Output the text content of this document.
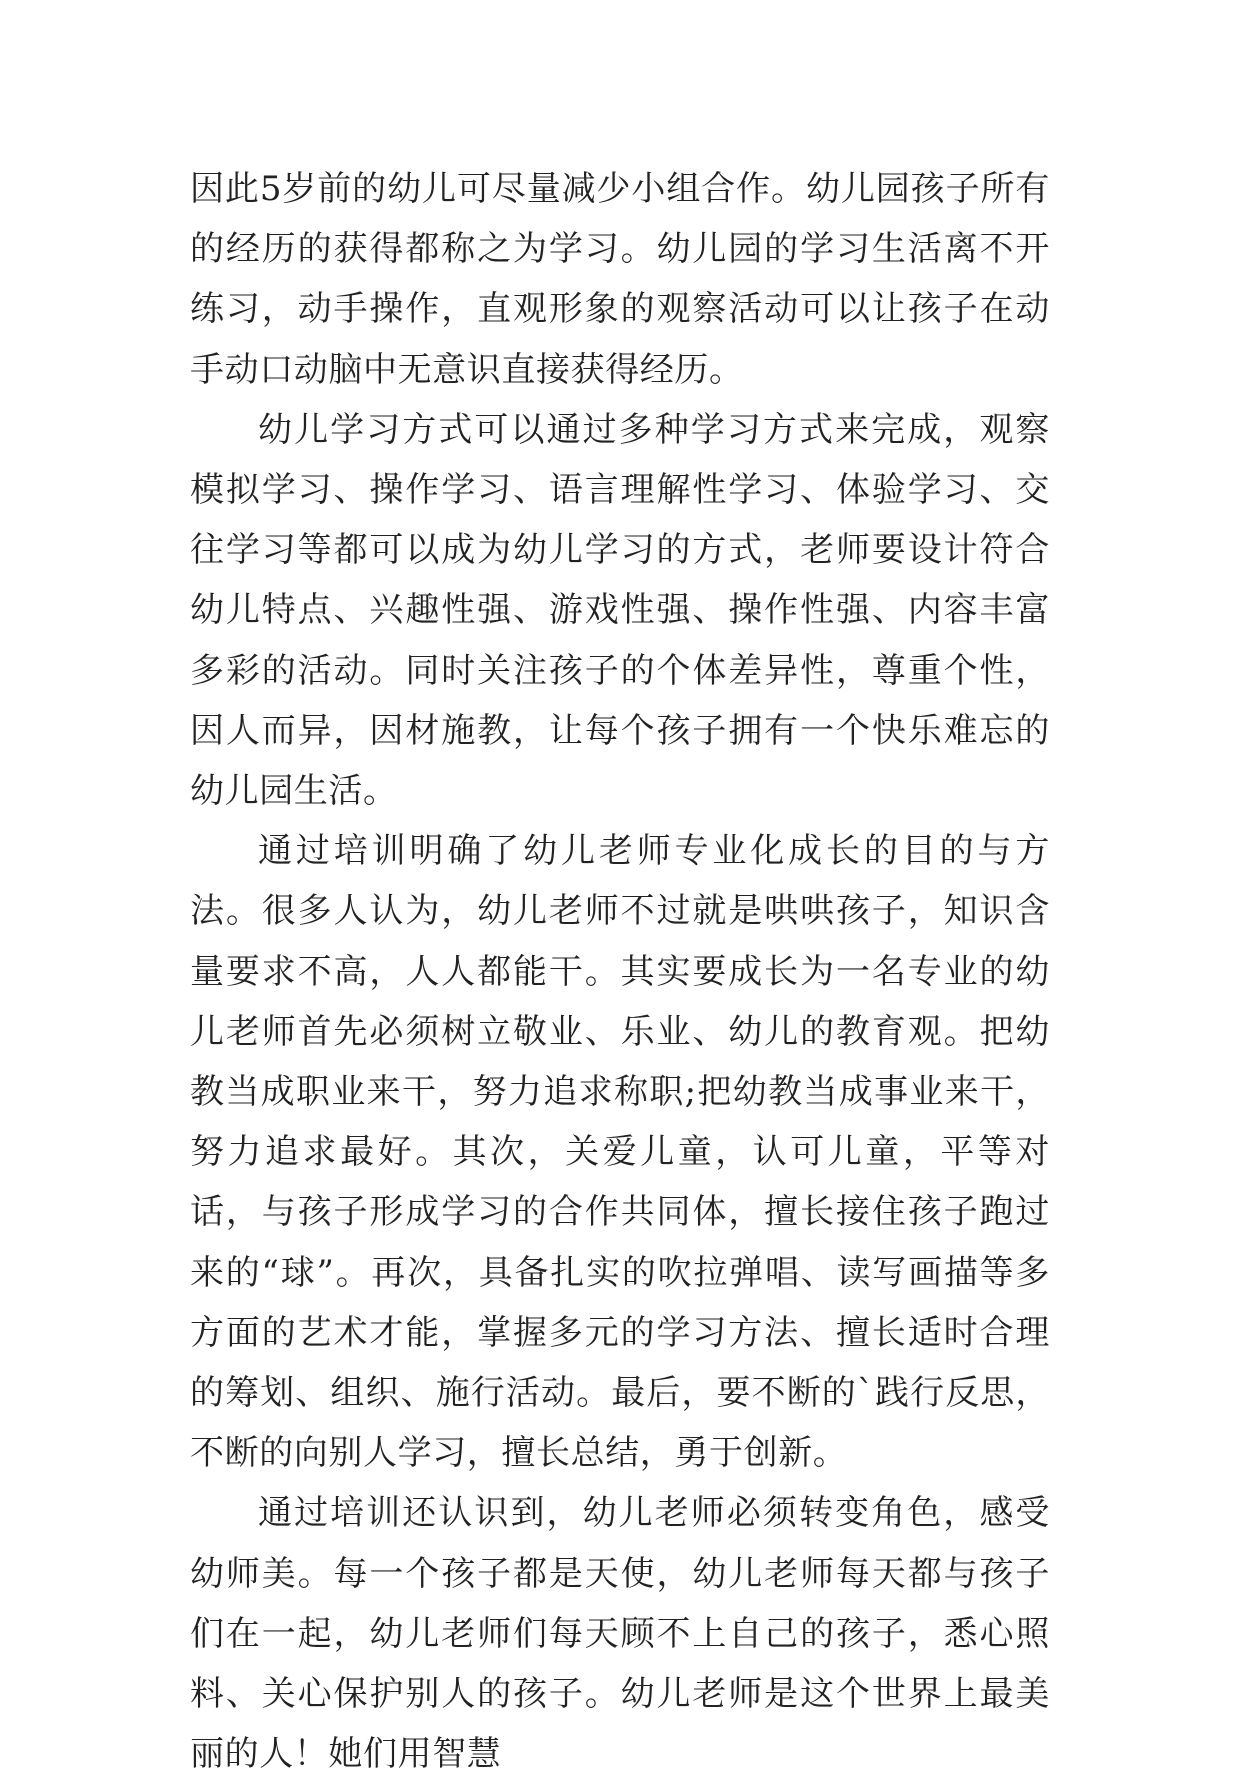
因此5岁前的幼儿可尽量减少小组合作。幼儿园孩子所有的经历的获得都称之为学习。幼儿园的学习生活离不开练习，动手操作，直观形象的观察活动可以让孩子在动手动口动脑中无意识直接获得经历。

幼儿学习方式可以通过多种学习方式来完成，观察模拟学习、操作学习、语言理解性学习、体验学习、交往学习等都可以成为幼儿学习的方式，老师要设计符合幼儿特点、兴趣性强、游戏性强、操作性强、内容丰富多彩的活动。同时关注孩子的个体差异性，尊重个性，因人而异，因材施教，让每个孩子拥有一个快乐难忘的幼儿园生活。

通过培训明确了幼儿老师专业化成长的目的与方法。很多人认为，幼儿老师不过就是哄哄孩子，知识含量要求不高，人人都能干。其实要成长为一名专业的幼儿老师首先必须树立敬业、乐业、幼儿的教育观。把幼教当成职业来干，努力追求称职;把幼教当成事业来干，努力追求最好。其次，关爱儿童，认可儿童，平等对话，与孩子形成学习的合作共同体，擅长接住孩子跑过来的“球”。再次，具备扎实的吹拉弹唱、读写画描等多方面的艺术才能，掌握多元的学习方法、擅长适时合理的筹划、组织、施行活动。最后，要不断的`践行反思，不断的向别人学习，擅长总结，勇于创新。

通过培训还认识到，幼儿老师必须转变角色，感受幼师美。每一个孩子都是天使，幼儿老师每天都与孩子们在一起，幼儿老师们每天顾不上自己的孩子，悉心照料、关心保护别人的孩子。幼儿老师是这个世界上最美丽的人！她们用智慧
